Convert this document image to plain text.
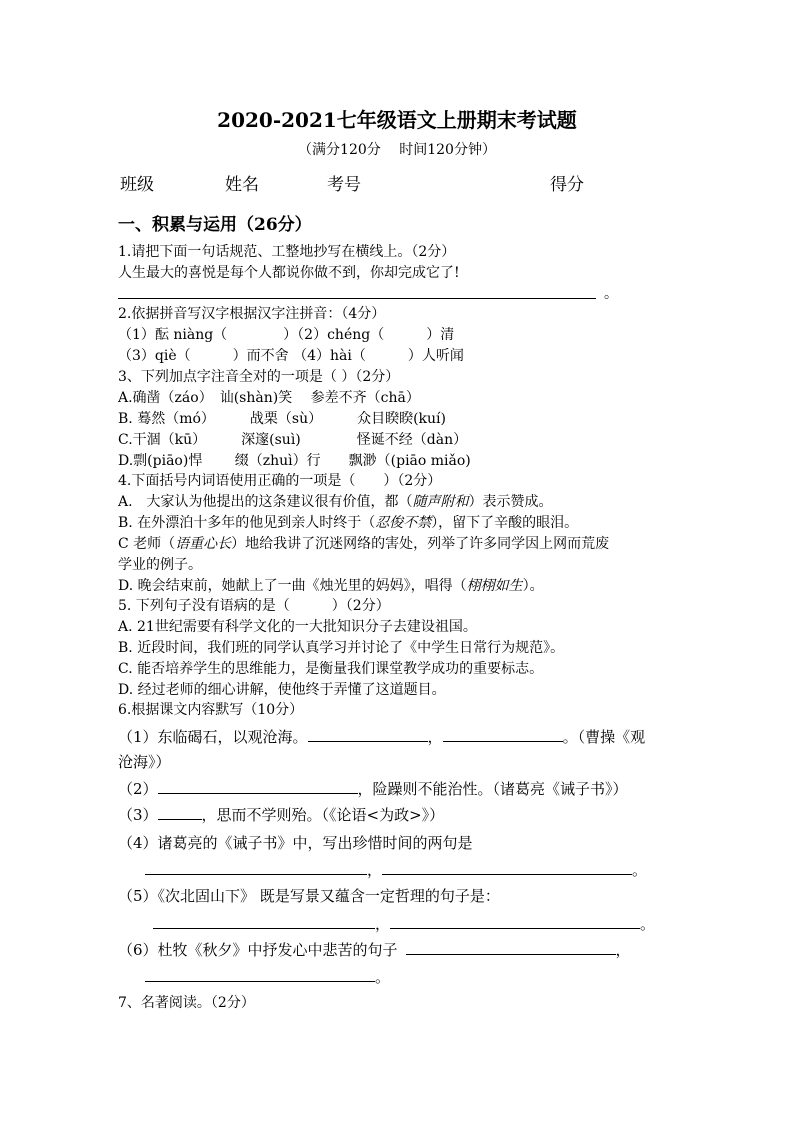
2020-2021七年级语文上册期末考试题
（满分120分　 时间120分钟）
班级	姓名	考号	得分
一、积累与运用（26分）
1.请把下面一句话规范、工整地抄写在横线上。（2分）
人生最大的喜悦是每个人都说你做不到，你却完成它了!
。
2.依据拼音写汉字根据汉字注拼音：（4分）
（1）酝 niàng（　　　　）（2）chéng（　　　）清
（3）qiè（　　　）而不舍 （4）hài（　　　）人听闻
3、下列加点字注音全对的一项是（ ）（2分）
A.确凿（záo）　讪(shàn)笑　 参差不齐（chā）
B. 蓦然（mó）　　　战栗（sù）　　　众目睽睽(kuí)
C.干涸（kū）　　　深邃(suì)　　　　怪诞不经（dàn）
D.剽(piāo)悍　　 缀（zhuì）行　　飘渺（(piāo miǎo)
4.下面括号内词语使用正确的一项是（　　）（2分）
A.　大家认为他提出的这条建议很有价值，都（随声附和）表示赞成。
B. 在外漂泊十多年的他见到亲人时终于（忍俊不禁），留下了辛酸的眼泪。
C 老师（语重心长）地给我讲了沉迷网络的害处，列举了许多同学因上网而荒废
学业的例子。
D. 晚会结束前，她献上了一曲《烛光里的妈妈》，唱得（栩栩如生）。
5. 下列句子没有语病的是（　　　）（2分）
A. 21世纪需要有科学文化的一大批知识分子去建设祖国。
B. 近段时间，我们班的同学认真学习并讨论了《中学生日常行为规范》。
C. 能否培养学生的思维能力，是衡量我们课堂教学成功的重要标志。
D. 经过老师的细心讲解，使他终于弄懂了这道题目。
6.根据课文内容默写（10分）
（1）东临碣石，以观沧海。	，	。（曹操《观
沧海》）
（2）	，险躁则不能治性。（诸葛亮《诫子书》）
（3）	，思而不学则殆。（《论语<为政>》）
（4）诸葛亮的《诫子书》中，写出珍惜时间的两句是
，	。
（5）《次北固山下》 既是写景又蕴含一定哲理的句子是：
，	。
（6）杜牧《秋夕》中抒发心中悲苦的句子	，
。
7、名著阅读。（2分）
